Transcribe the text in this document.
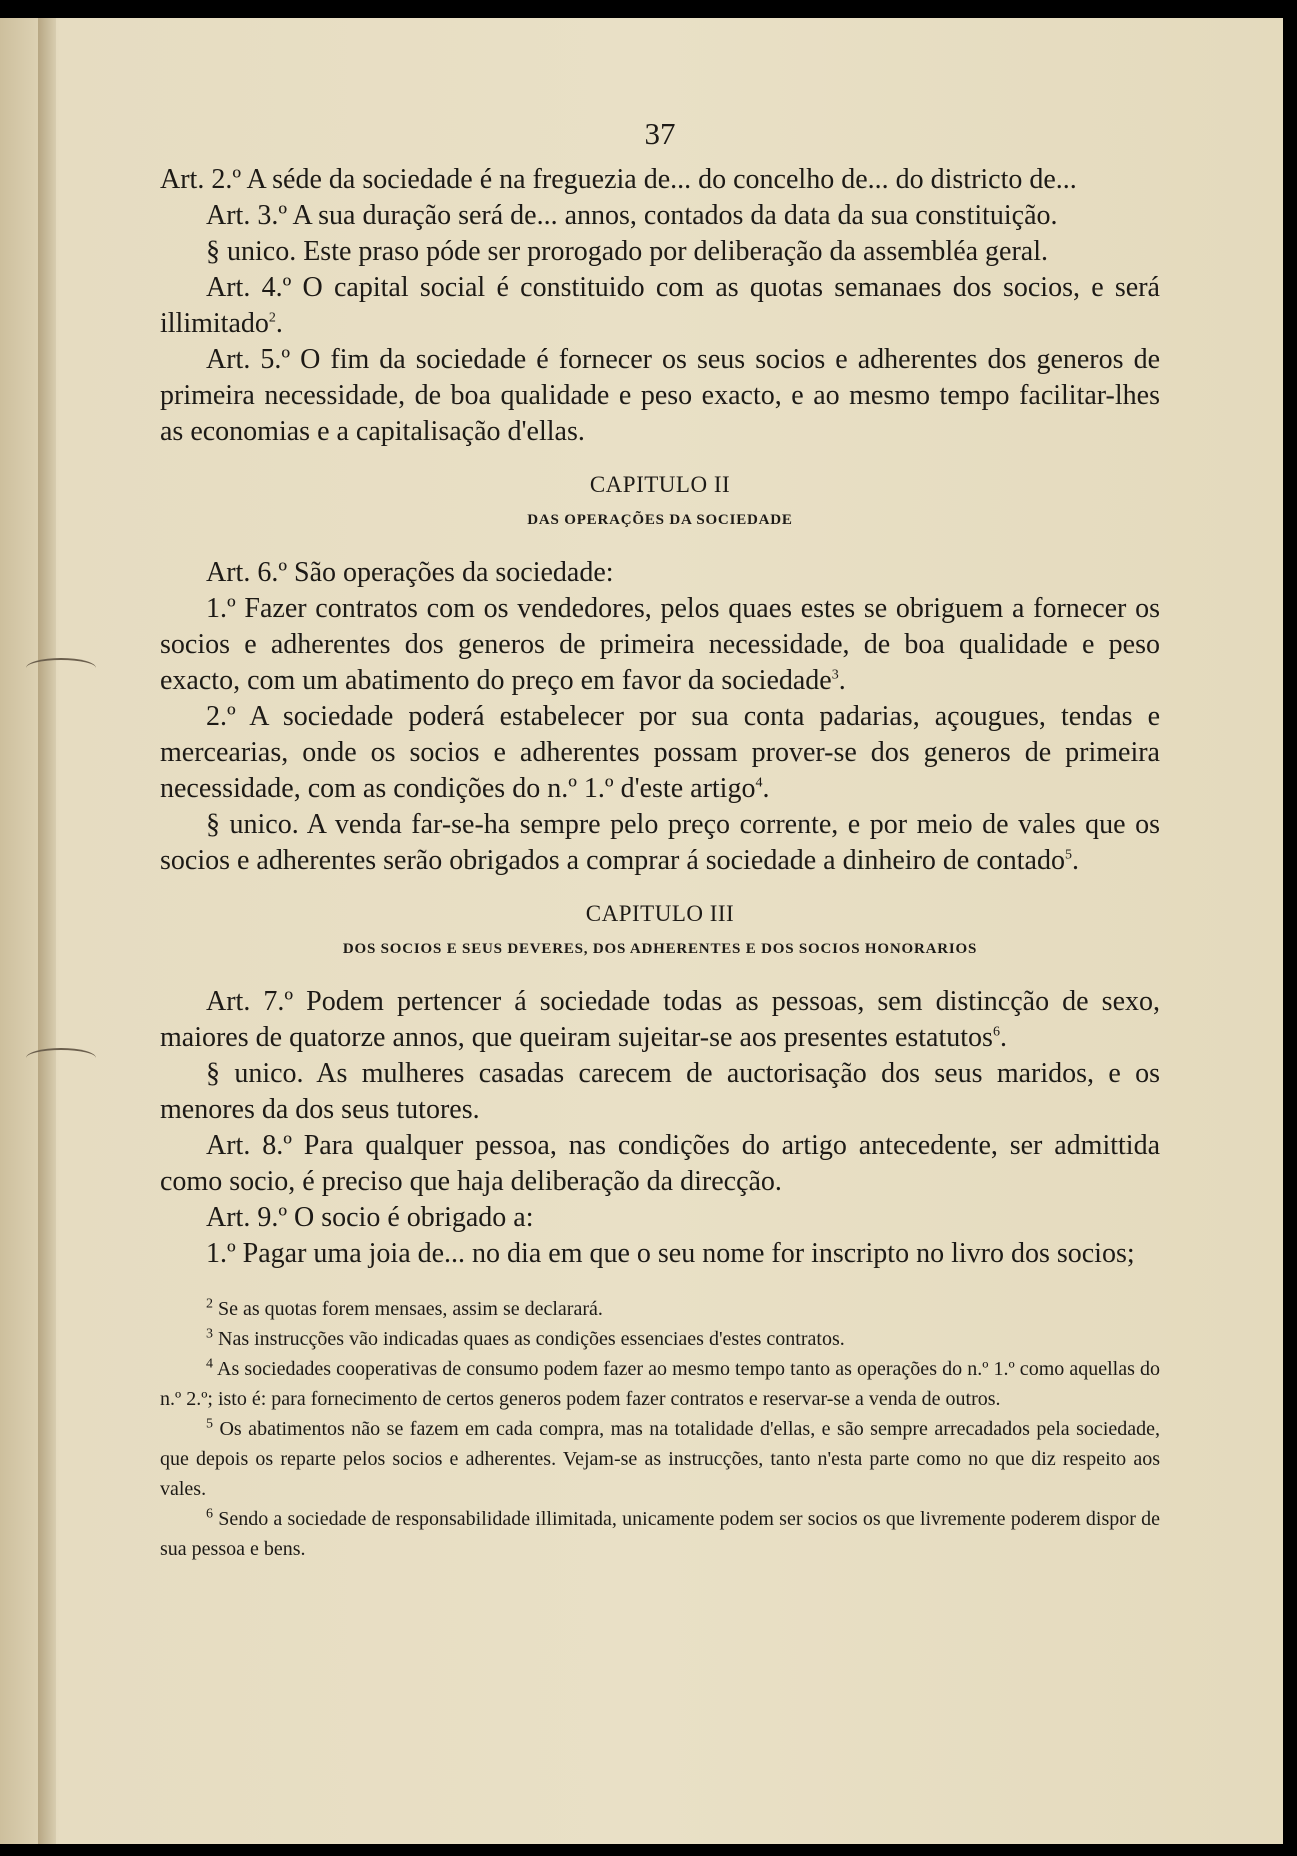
37

Art. 2.º A séde da sociedade é na freguezia de... do concelho de... do districto de...

Art. 3.º A sua duração será de... annos, contados da data da sua constituição.

§ unico. Este praso póde ser prorogado por deliberação da assembléa geral.

Art. 4.º O capital social é constituido com as quotas semanaes dos socios, e será illimitado$^2$.

Art. 5.º O fim da sociedade é fornecer os seus socios e adherentes dos generos de primeira necessidade, de boa qualidade e peso exacto, e ao mesmo tempo facilitar-lhes as economias e a capitalisação d'ellas.

CAPITULO II
DAS OPERAÇÕES DA SOCIEDADE

Art. 6.º São operações da sociedade:

1.º Fazer contratos com os vendedores, pelos quaes estes se obriguem a fornecer os socios e adherentes dos generos de primeira necessidade, de boa qualidade e peso exacto, com um abatimento do preço em favor da sociedade$^3$.

2.º A sociedade poderá estabelecer por sua conta padarias, açougues, tendas e mercearias, onde os socios e adherentes possam prover-se dos generos de primeira necessidade, com as condições do n.º 1.º d'este artigo$^4$.

§ unico. A venda far-se-ha sempre pelo preço corrente, e por meio de vales que os socios e adherentes serão obrigados a comprar á sociedade a dinheiro de contado$^5$.

CAPITULO III
DOS SOCIOS E SEUS DEVERES, DOS ADHERENTES E DOS SOCIOS HONORARIOS

Art. 7.º Podem pertencer á sociedade todas as pessoas, sem distincção de sexo, maiores de quatorze annos, que queiram sujeitar-se aos presentes estatutos$^6$.

§ unico. As mulheres casadas carecem de auctorisação dos seus maridos, e os menores da dos seus tutores.

Art. 8.º Para qualquer pessoa, nas condições do artigo antecedente, ser admittida como socio, é preciso que haja deliberação da direcção.

Art. 9.º O socio é obrigado a:

1.º Pagar uma joia de... no dia em que o seu nome for inscripto no livro dos socios;

$^2$ Se as quotas forem mensaes, assim se declarará.

$^3$ Nas instrucções vão indicadas quaes as condições essenciaes d'estes contratos.

$^4$ As sociedades cooperativas de consumo podem fazer ao mesmo tempo tanto as operações do n.º 1.º como aquellas do n.º 2.º; isto é: para fornecimento de certos generos podem fazer contratos e reservar-se a venda de outros.

$^5$ Os abatimentos não se fazem em cada compra, mas na totalidade d'ellas, e são sempre arrecadados pela sociedade, que depois os reparte pelos socios e adherentes. Vejam-se as instrucções, tanto n'esta parte como no que diz respeito aos vales.

$^6$ Sendo a sociedade de responsabilidade illimitada, unicamente podem ser socios os que livremente poderem dispor de sua pessoa e bens.
